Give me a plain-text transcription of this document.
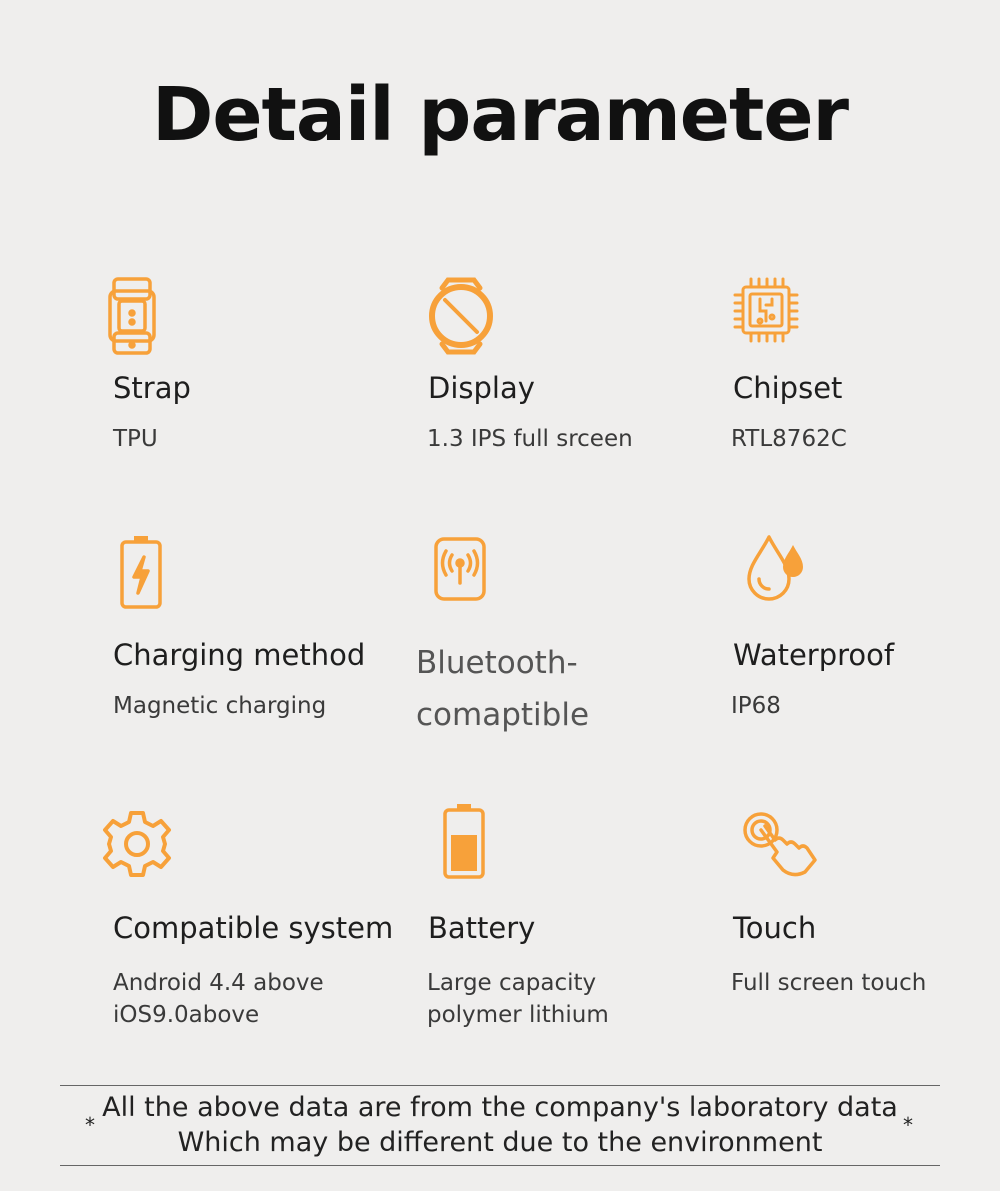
Detail parameter
Strap
TPU
Display
1.3 IPS full srceen
Chipset
RTL8762C
Charging method
Magnetic charging
Bluetooth-
comaptible
Waterproof
IP68
Compatible system
Android 4.4 above
iOS9.0above
Battery
Large capacity
polymer lithium
Touch
Full screen touch
*
All the above data are from the company's laboratory data
Which may be different due to the environment
*
